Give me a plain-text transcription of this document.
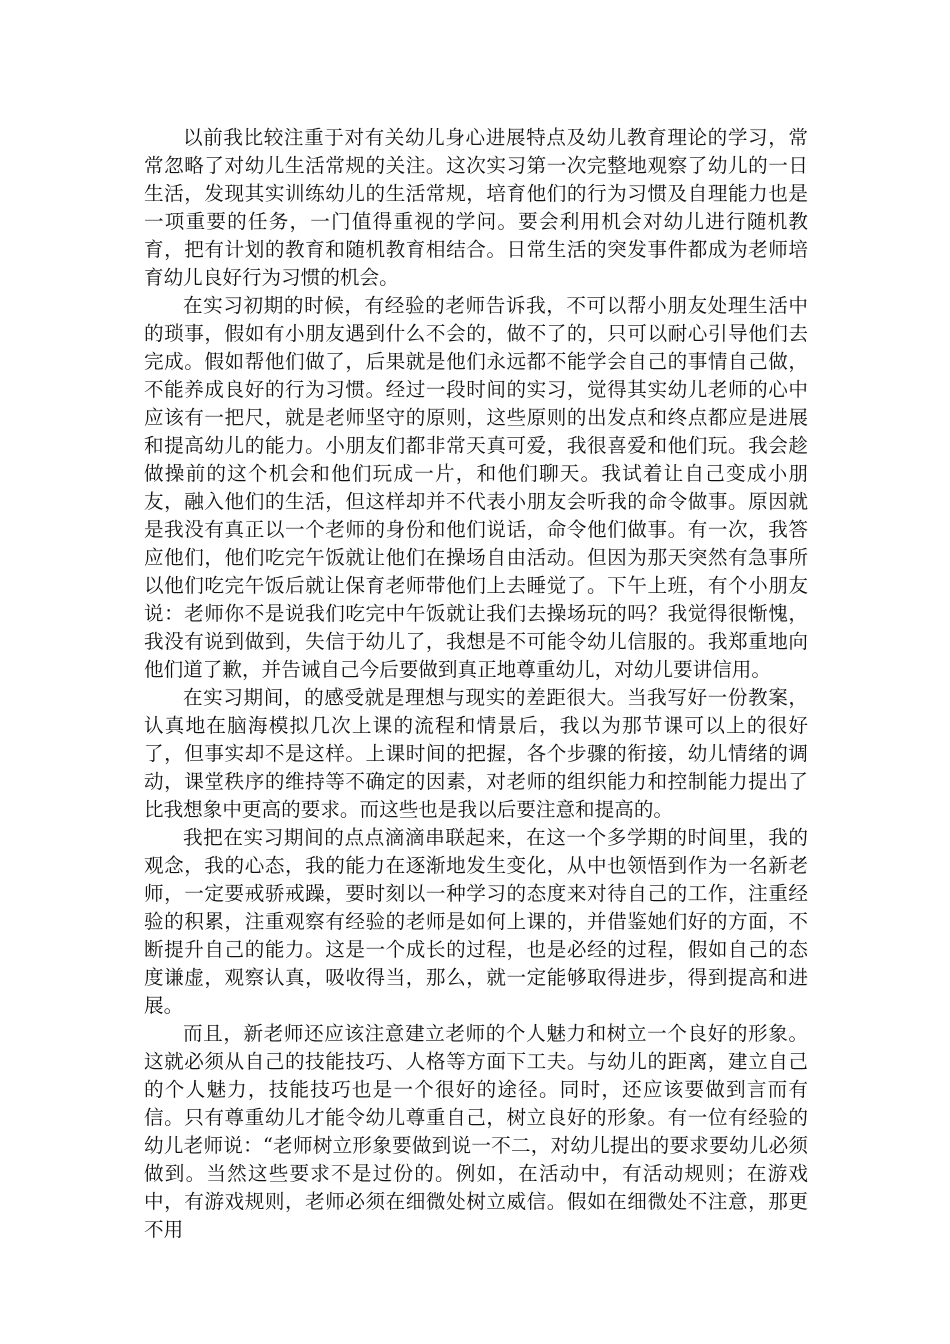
以前我比较注重于对有关幼儿身心进展特点及幼儿教育理论的学习，常常忽略了对幼儿生活常规的关注。这次实习第一次完整地观察了幼儿的一日生活，发现其实训练幼儿的生活常规，培育他们的行为习惯及自理能力也是一项重要的任务，一门值得重视的学问。要会利用机会对幼儿进行随机教育，把有计划的教育和随机教育相结合。日常生活的突发事件都成为老师培育幼儿良好行为习惯的机会。

在实习初期的时候，有经验的老师告诉我，不可以帮小朋友处理生活中的琐事，假如有小朋友遇到什么不会的，做不了的，只可以耐心引导他们去完成。假如帮他们做了，后果就是他们永远都不能学会自己的事情自己做，不能养成良好的行为习惯。经过一段时间的实习，觉得其实幼儿老师的心中应该有一把尺，就是老师坚守的原则，这些原则的出发点和终点都应是进展和提高幼儿的能力。小朋友们都非常天真可爱，我很喜爱和他们玩。我会趁做操前的这个机会和他们玩成一片，和他们聊天。我试着让自己变成小朋友，融入他们的生活，但这样却并不代表小朋友会听我的命令做事。原因就是我没有真正以一个老师的身份和他们说话，命令他们做事。有一次，我答应他们，他们吃完午饭就让他们在操场自由活动。但因为那天突然有急事所以他们吃完午饭后就让保育老师带他们上去睡觉了。下午上班，有个小朋友说：老师你不是说我们吃完中午饭就让我们去操场玩的吗？我觉得很惭愧，我没有说到做到，失信于幼儿了，我想是不可能令幼儿信服的。我郑重地向他们道了歉，并告诫自己今后要做到真正地尊重幼儿，对幼儿要讲信用。

在实习期间，的感受就是理想与现实的差距很大。当我写好一份教案，认真地在脑海模拟几次上课的流程和情景后，我以为那节课可以上的很好了，但事实却不是这样。上课时间的把握，各个步骤的衔接，幼儿情绪的调动，课堂秩序的维持等不确定的因素，对老师的组织能力和控制能力提出了比我想象中更高的要求。而这些也是我以后要注意和提高的。

我把在实习期间的点点滴滴串联起来，在这一个多学期的时间里，我的观念，我的心态，我的能力在逐渐地发生变化，从中也领悟到作为一名新老师，一定要戒骄戒躁，要时刻以一种学习的态度来对待自己的工作，注重经验的积累，注重观察有经验的老师是如何上课的，并借鉴她们好的方面，不断提升自己的能力。这是一个成长的过程，也是必经的过程，假如自己的态度谦虚，观察认真，吸收得当，那么，就一定能够取得进步，得到提高和进展。

而且，新老师还应该注意建立老师的个人魅力和树立一个良好的形象。这就必须从自己的技能技巧、人格等方面下工夫。与幼儿的距离，建立自己的个人魅力，技能技巧也是一个很好的途径。同时，还应该要做到言而有信。只有尊重幼儿才能令幼儿尊重自己，树立良好的形象。有一位有经验的幼儿老师说：“老师树立形象要做到说一不二，对幼儿提出的要求要幼儿必须做到。当然这些要求不是过份的。例如，在活动中，有活动规则；在游戏中，有游戏规则，老师必须在细微处树立威信。假如在细微处不注意，那更不用
